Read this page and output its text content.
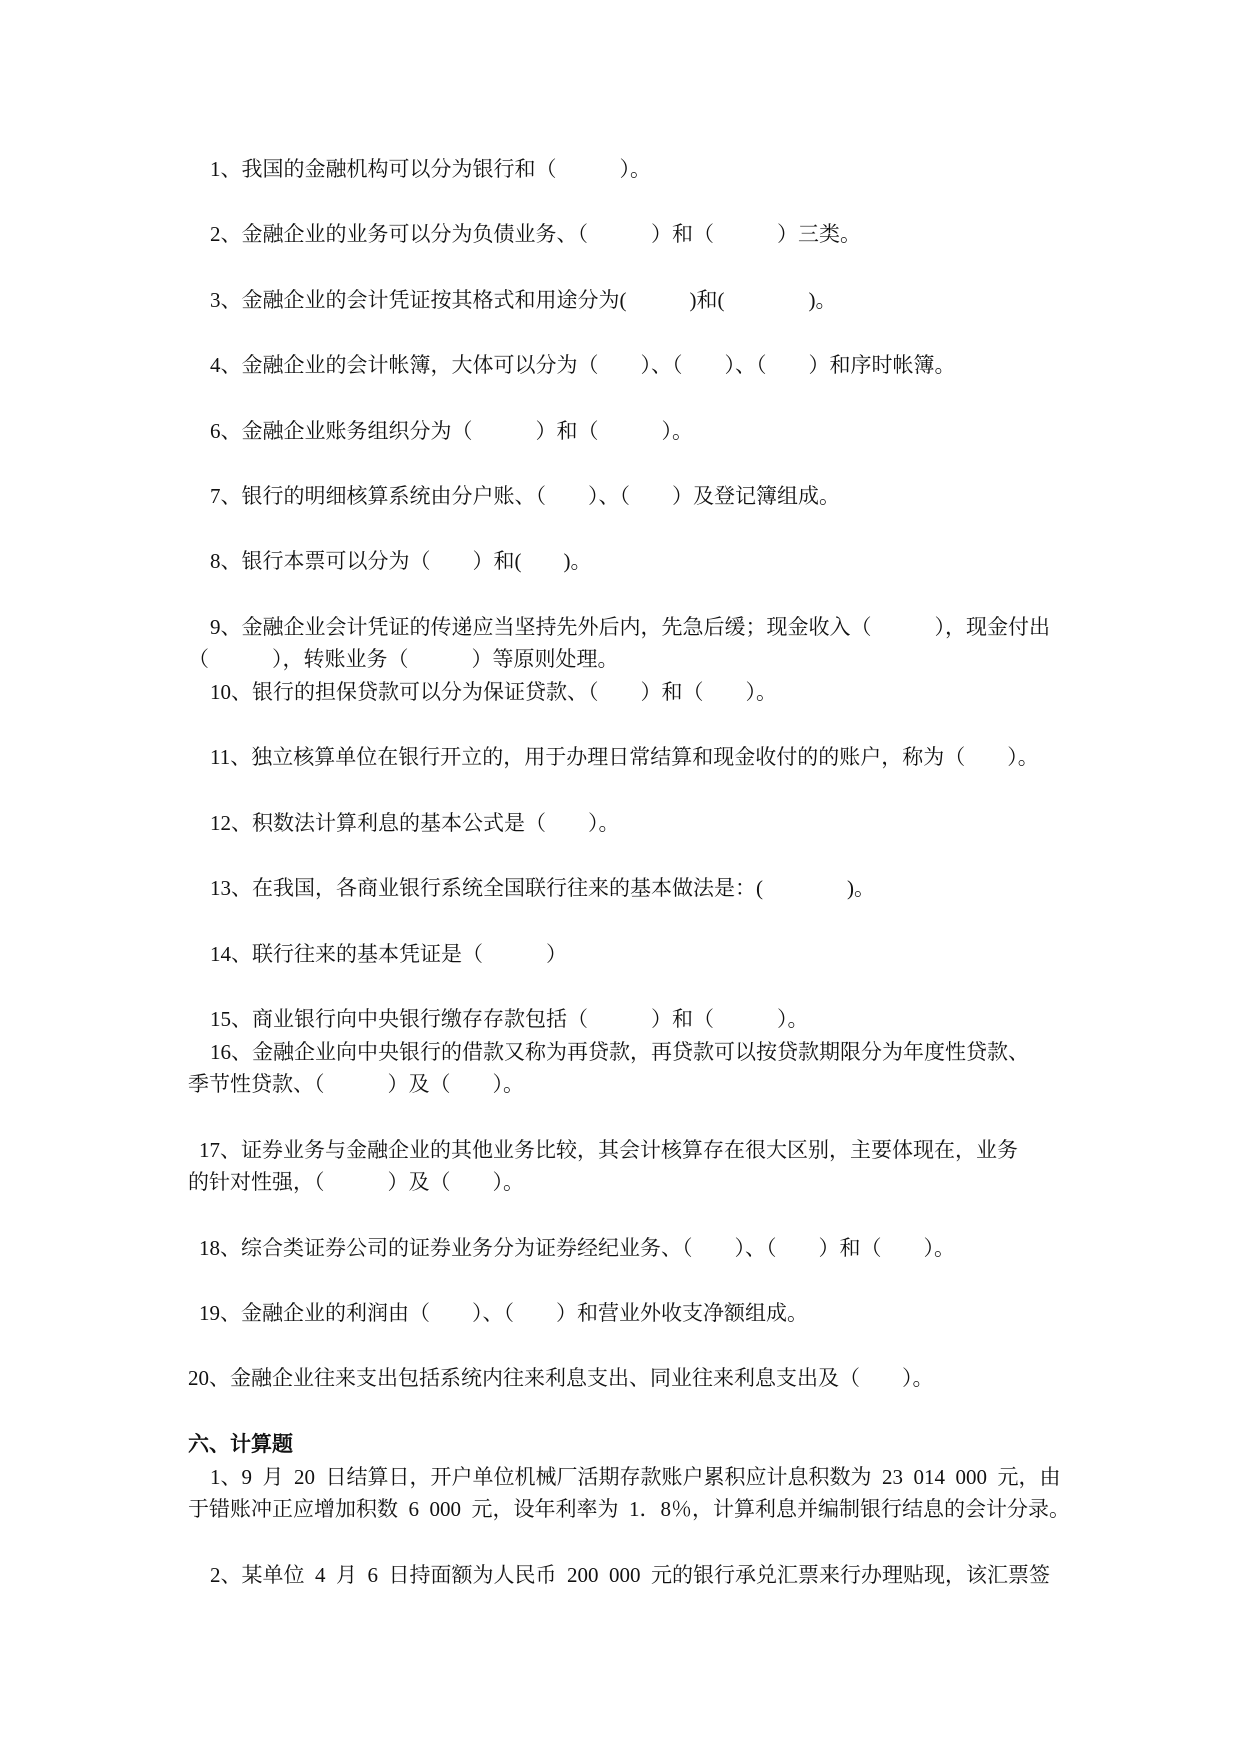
1、我国的金融机构可以分为银行和（      ）。
2、金融企业的业务可以分为负债业务、（      ）和（      ）三类。
3、金融企业的会计凭证按其格式和用途分为(      )和(        )。
4、金融企业的会计帐簿，大体可以分为（    ）、（    ）、（    ）和序时帐簿。
6、金融企业账务组织分为（      ）和（      ）。
7、银行的明细核算系统由分户账、（    ）、（    ）及登记簿组成。
8、银行本票可以分为（    ）和(    )。
9、金融企业会计凭证的传递应当坚持先外后内，先急后缓；现金收入（      ），现金付出
（      ），转账业务（      ）等原则处理。
10、银行的担保贷款可以分为保证贷款、（    ）和（    ）。
11、独立核算单位在银行开立的，用于办理日常结算和现金收付的的账户，称为（    ）。
12、积数法计算利息的基本公式是（    ）。
13、在我国，各商业银行系统全国联行往来的基本做法是：(        )。
14、联行往来的基本凭证是（      ）
15、商业银行向中央银行缴存存款包括（      ）和（      ）。
16、金融企业向中央银行的借款又称为再贷款，再贷款可以按贷款期限分为年度性贷款、
季节性贷款、（      ）及（    ）。
17、证券业务与金融企业的其他业务比较，其会计核算存在很大区别，主要体现在，业务
的针对性强，（      ）及（    ）。
18、综合类证券公司的证券业务分为证券经纪业务、（    ）、（    ）和（    ）。
19、金融企业的利润由（    ）、（    ）和营业外收支净额组成。
20、金融企业往来支出包括系统内往来利息支出、同业往来利息支出及（    ）。
六、计算题
1、9 月 20 日结算日，开户单位机械厂活期存款账户累积应计息积数为 23 014 000 元，由
于错账冲正应增加积数 6 000 元，设年利率为 1．8％，计算利息并编制银行结息的会计分录。
2、某单位 4 月 6 日持面额为人民币 200 000 元的银行承兑汇票来行办理贴现，该汇票签
